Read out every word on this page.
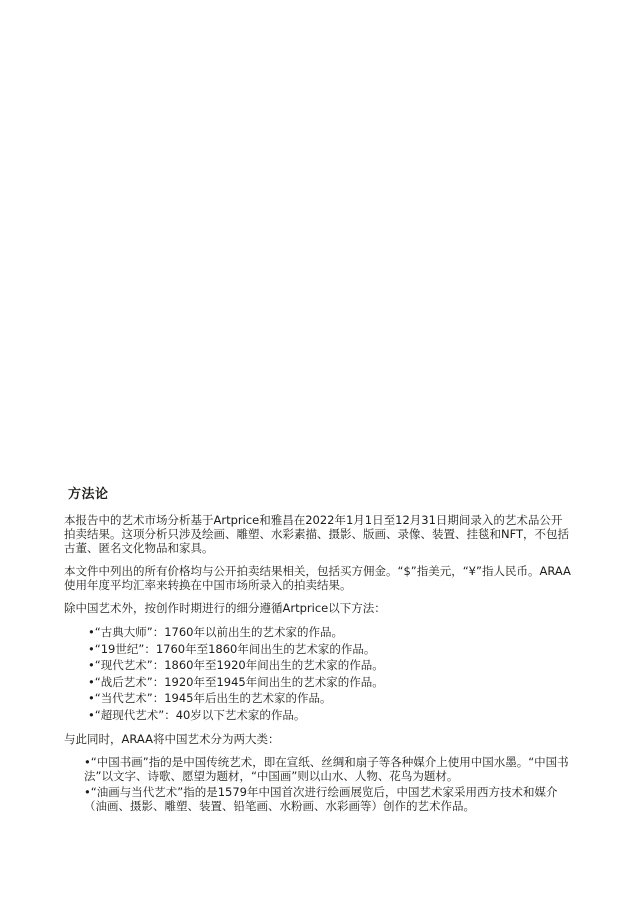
方法论

本报告中的艺术市场分析基于Artprice和雅昌在2022年1月1日至12月31日期间录入的艺术品公开拍卖结果。这项分析只涉及绘画、雕塑、水彩素描、摄影、版画、录像、装置、挂毯和NFT，不包括古董、匿名文化物品和家具。

本文件中列出的所有价格均与公开拍卖结果相关，包括买方佣金。“$”指美元，“¥”指人民币。ARAA使用年度平均汇率来转换在中国市场所录入的拍卖结果。

除中国艺术外，按创作时期进行的细分遵循Artprice以下方法：

•“古典大师”：1760年以前出生的艺术家的作品。
•“19世纪”：1760年至1860年间出生的艺术家的作品。
•“现代艺术”：1860年至1920年间出生的艺术家的作品。
•“战后艺术”：1920年至1945年间出生的艺术家的作品。
•“当代艺术”：1945年后出生的艺术家的作品。
•“超现代艺术”：40岁以下艺术家的作品。

与此同时，ARAA将中国艺术分为两大类：

•“中国书画”指的是中国传统艺术，即在宣纸、丝绸和扇子等各种媒介上使用中国水墨。“中国书法”以文字、诗歌、愿望为题材，“中国画”则以山水、人物、花鸟为题材。
•“油画与当代艺术”指的是1579年中国首次进行绘画展览后，中国艺术家采用西方技术和媒介（油画、摄影、雕塑、装置、铅笔画、水粉画、水彩画等）创作的艺术作品。
